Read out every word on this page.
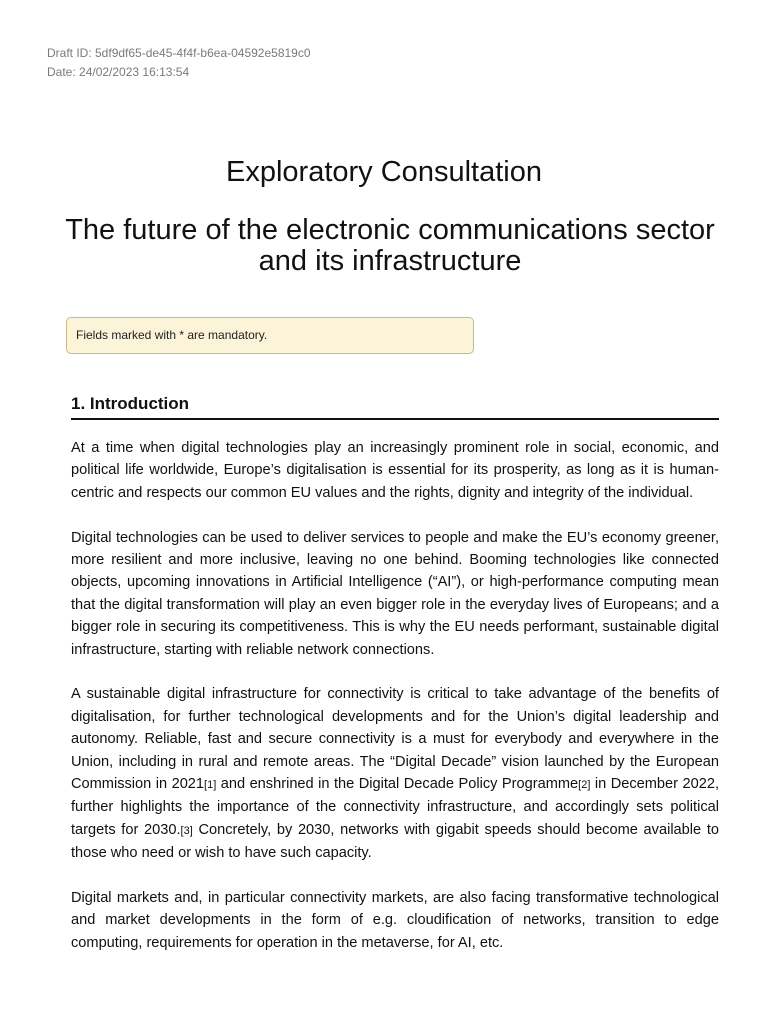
Draft ID: 5df9df65-de45-4f4f-b6ea-04592e5819c0
Date: 24/02/2023 16:13:54
Exploratory Consultation
The future of the electronic communications sector and its infrastructure
Fields marked with * are mandatory.
1. Introduction

At a time when digital technologies play an increasingly prominent role in social, economic, and political life worldwide, Europe’s digitalisation is essential for its prosperity, as long as it is human-centric and respects our common EU values and the rights, dignity and integrity of the individual.

Digital technologies can be used to deliver services to people and make the EU’s economy greener, more resilient and more inclusive, leaving no one behind. Booming technologies like connected objects, upcoming innovations in Artificial Intelligence (“AI”), or high-performance computing mean that the digital transformation will play an even bigger role in the everyday lives of Europeans; and a bigger role in securing its competitiveness. This is why the EU needs performant, sustainable digital infrastructure, starting with reliable network connections.

A sustainable digital infrastructure for connectivity is critical to take advantage of the benefits of digitalisation, for further technological developments and for the Union’s digital leadership and autonomy. Reliable, fast and secure connectivity is a must for everybody and everywhere in the Union, including in rural and remote areas. The “Digital Decade” vision launched by the European Commission in 2021[1] and enshrined in the Digital Decade Policy Programme[2] in December 2022, further highlights the importance of the connectivity infrastructure, and accordingly sets political targets for 2030.[3] Concretely, by 2030, networks with gigabit speeds should become available to those who need or wish to have such capacity.

Digital markets and, in particular connectivity markets, are also facing transformative technological and market developments in the form of e.g. cloudification of networks, transition to edge computing, requirements for operation in the metaverse, for AI, etc.
